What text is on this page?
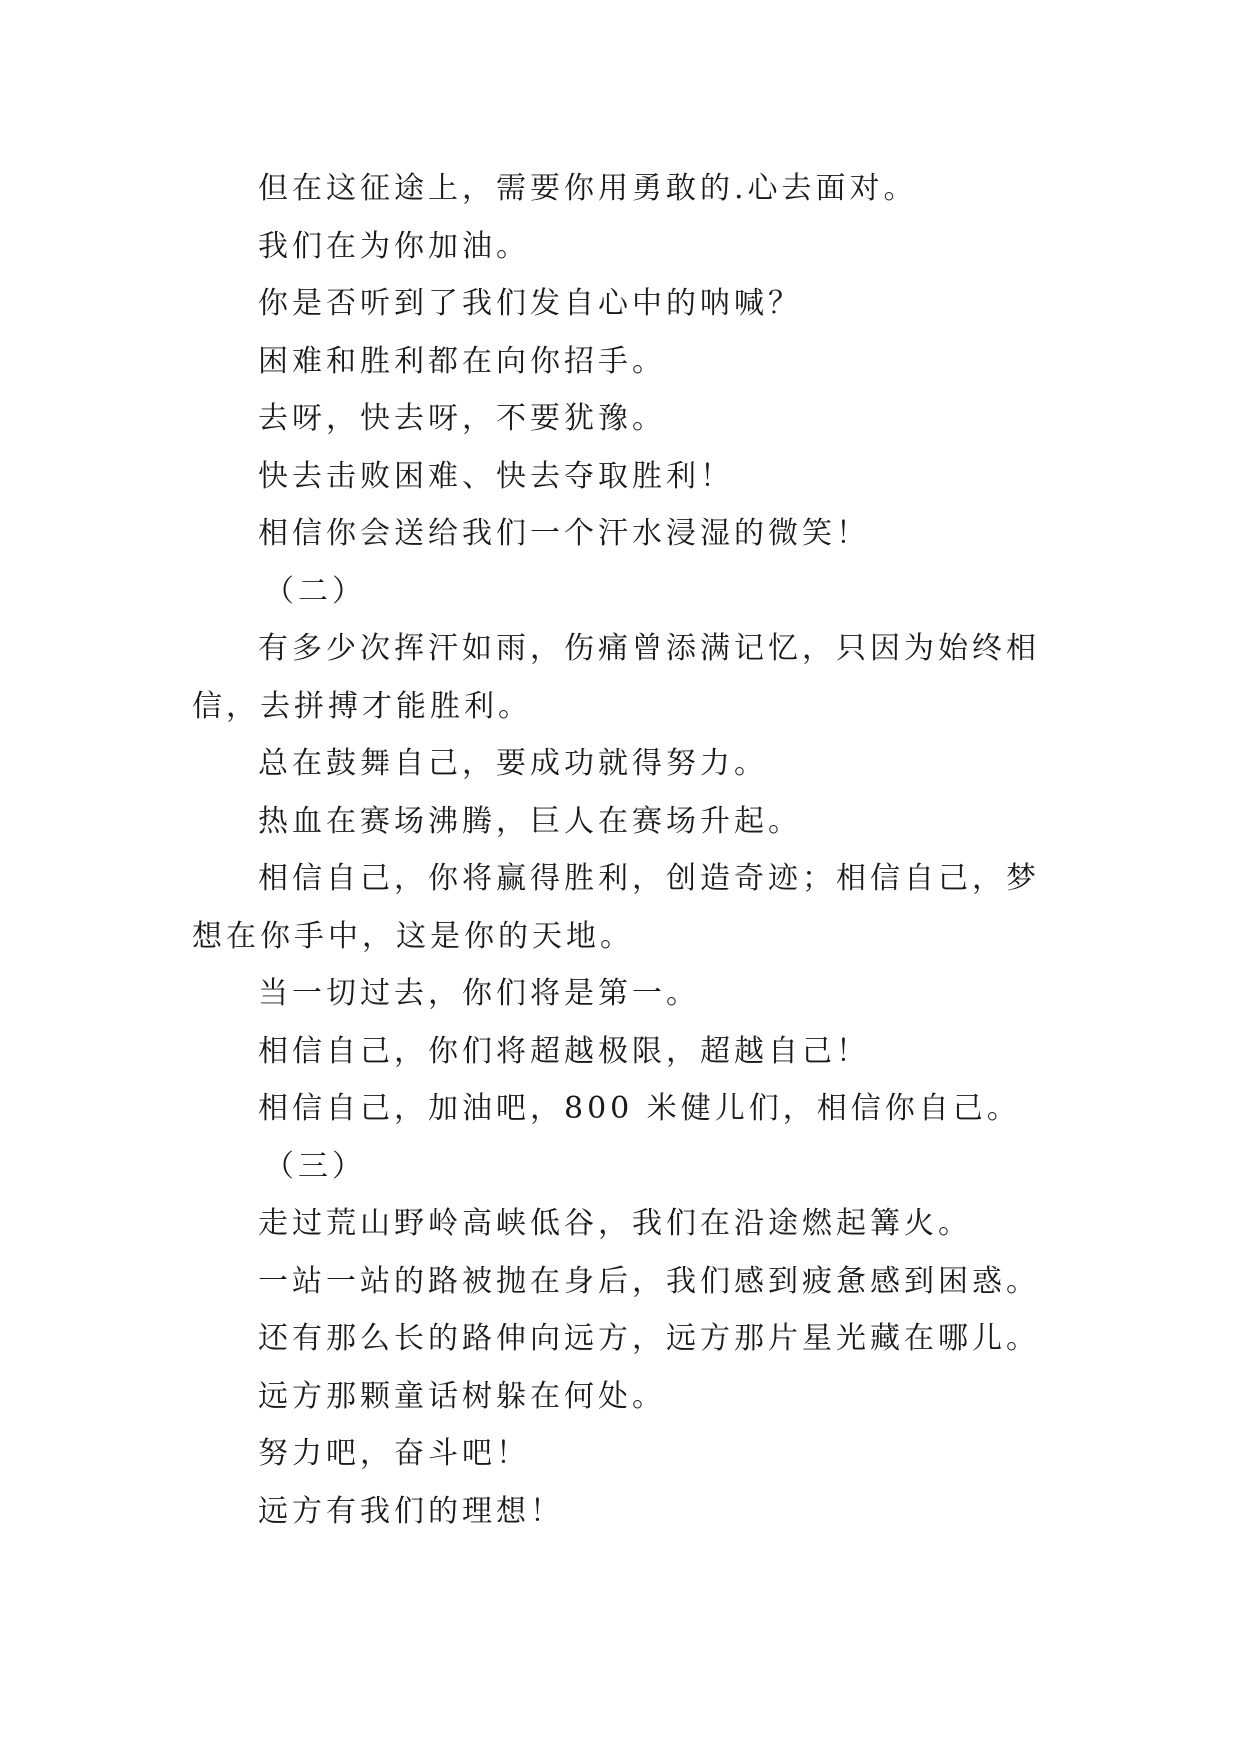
但在这征途上，需要你用勇敢的.心去面对。

我们在为你加油。

你是否听到了我们发自心中的呐喊？

困难和胜利都在向你招手。

去呀，快去呀，不要犹豫。

快去击败困难、快去夺取胜利！

相信你会送给我们一个汗水浸湿的微笑！

（二）

有多少次挥汗如雨，伤痛曾添满记忆，只因为始终相信，去拼搏才能胜利。

总在鼓舞自己，要成功就得努力。

热血在赛场沸腾，巨人在赛场升起。

相信自己，你将赢得胜利，创造奇迹；相信自己，梦想在你手中，这是你的天地。

当一切过去，你们将是第一。

相信自己，你们将超越极限，超越自己！

相信自己，加油吧，800 米健儿们，相信你自己。

（三）

走过荒山野岭高峡低谷，我们在沿途燃起篝火。

一站一站的路被抛在身后，我们感到疲惫感到困惑。

还有那么长的路伸向远方，远方那片星光藏在哪儿。

远方那颗童话树躲在何处。

努力吧，奋斗吧！

远方有我们的理想！
